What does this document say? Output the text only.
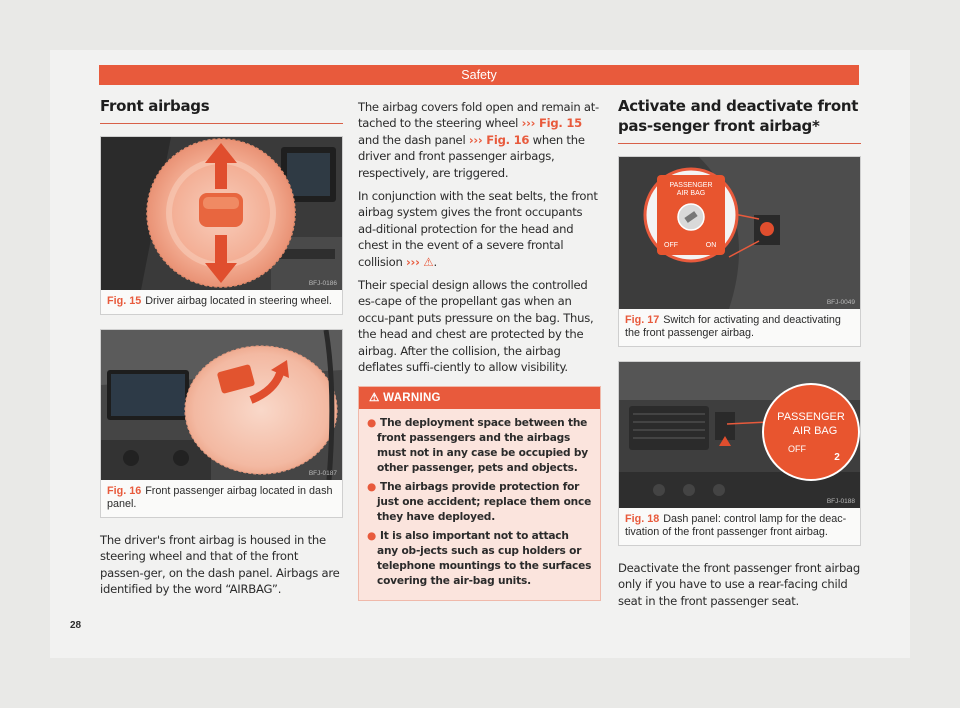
Safety
Front airbags
BFJ-0186
Fig. 15 Driver airbag located in steering wheel.
BFJ-0187
Fig. 16 Front passenger airbag located in dash panel.

The driver's front airbag is housed in the steering wheel and that of the front passen-ger, on the dash panel. Airbags are identified by the word “AIRBAG”.

The airbag covers fold open and remain at-tached to the steering wheel ››› Fig. 15 and the dash panel ››› Fig. 16 when the driver and front passenger airbags, respectively, are triggered.

In conjunction with the seat belts, the front airbag system gives the front occupants ad-ditional protection for the head and chest in the event of a severe frontal collision ››› ⚠.

Their special design allows the controlled es-cape of the propellant gas when an occu-pant puts pressure on the bag. Thus, the head and chest are protected by the airbag. After the collision, the airbag deflates suffi-ciently to allow visibility.

⚠ WARNING
● The deployment space between the front passengers and the airbags must not in any case be occupied by other passenger, pets and objects.
● The airbags provide protection for just one accident; replace them once they have deployed.
● It is also important not to attach any ob-jects such as cup holders or telephone mountings to the surfaces covering the air-bag units.
Activate and deactivate front pas-senger front airbag*
PASSENGER
AIR BAG
OFF	ON
BFJ-0049
Fig. 17 Switch for activating and deactivating the front passenger airbag.
PASSENGER
AIR BAG
OFF
2
BFJ-0188
Fig. 18 Dash panel: control lamp for the deac-tivation of the front passenger front airbag.

Deactivate the front passenger front airbag only if you have to use a rear-facing child seat in the front passenger seat.

28
